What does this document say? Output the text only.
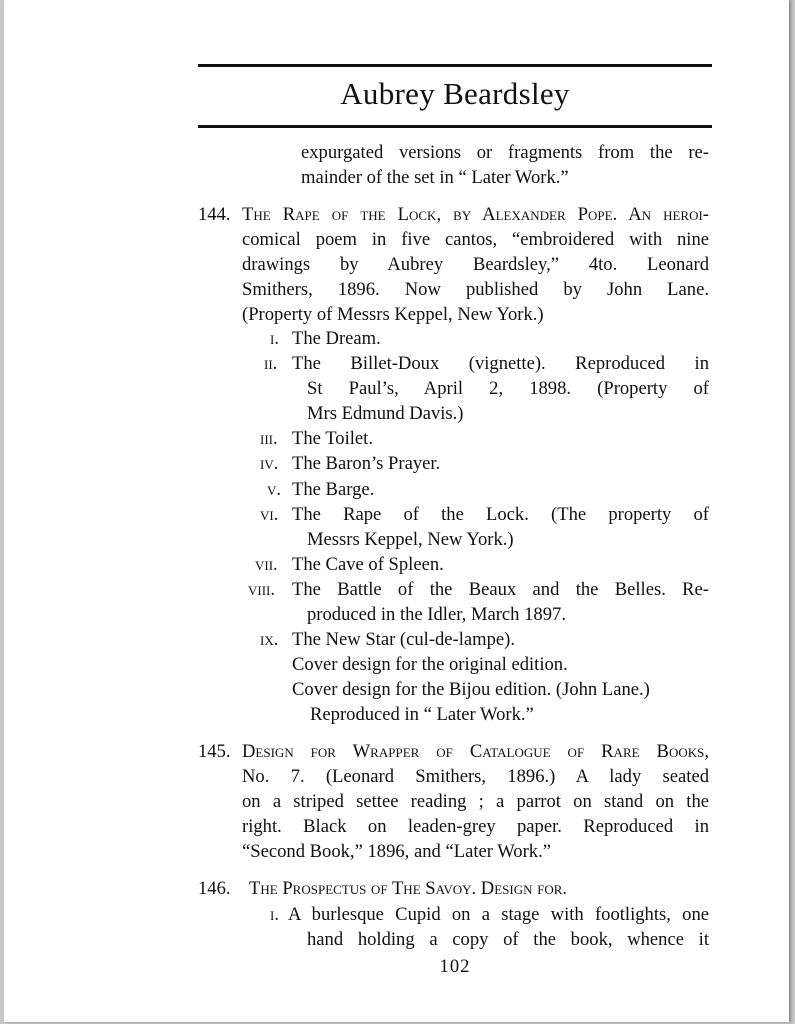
Aubrey Beardsley
expurgated versions or fragments from the re-
mainder of the set in “ Later Work.”
144. The Rape of the Lock, by Alexander Pope. An heroi-
comical poem in five cantos, “embroidered with nine
drawings by Aubrey Beardsley,” 4to. Leonard
Smithers, 1896. Now published by John Lane.
(Property of Messrs Keppel, New York.)
i. The Dream.
ii. The Billet-Doux (vignette). Reproduced in
St Paul’s, April 2, 1898. (Property of
Mrs Edmund Davis.)
iii. The Toilet.
iv. The Baron’s Prayer.
v. The Barge.
vi. The Rape of the Lock. (The property of
Messrs Keppel, New York.)
vii. The Cave of Spleen.
viii. The Battle of the Beaux and the Belles. Re-
produced in the Idler, March 1897.
ix. The New Star (cul-de-lampe).
Cover design for the original edition.
Cover design for the Bijou edition. (John Lane.)
Reproduced in “ Later Work.”
145. Design for Wrapper of Catalogue of Rare Books,
No. 7. (Leonard Smithers, 1896.) A lady seated
on a striped settee reading ; a parrot on stand on the
right. Black on leaden-grey paper. Reproduced in
“Second Book,” 1896, and “Later Work.”
146. The Prospectus of The Savoy. Design for.
i. A burlesque Cupid on a stage with footlights, one
hand holding a copy of the book, whence it
102
